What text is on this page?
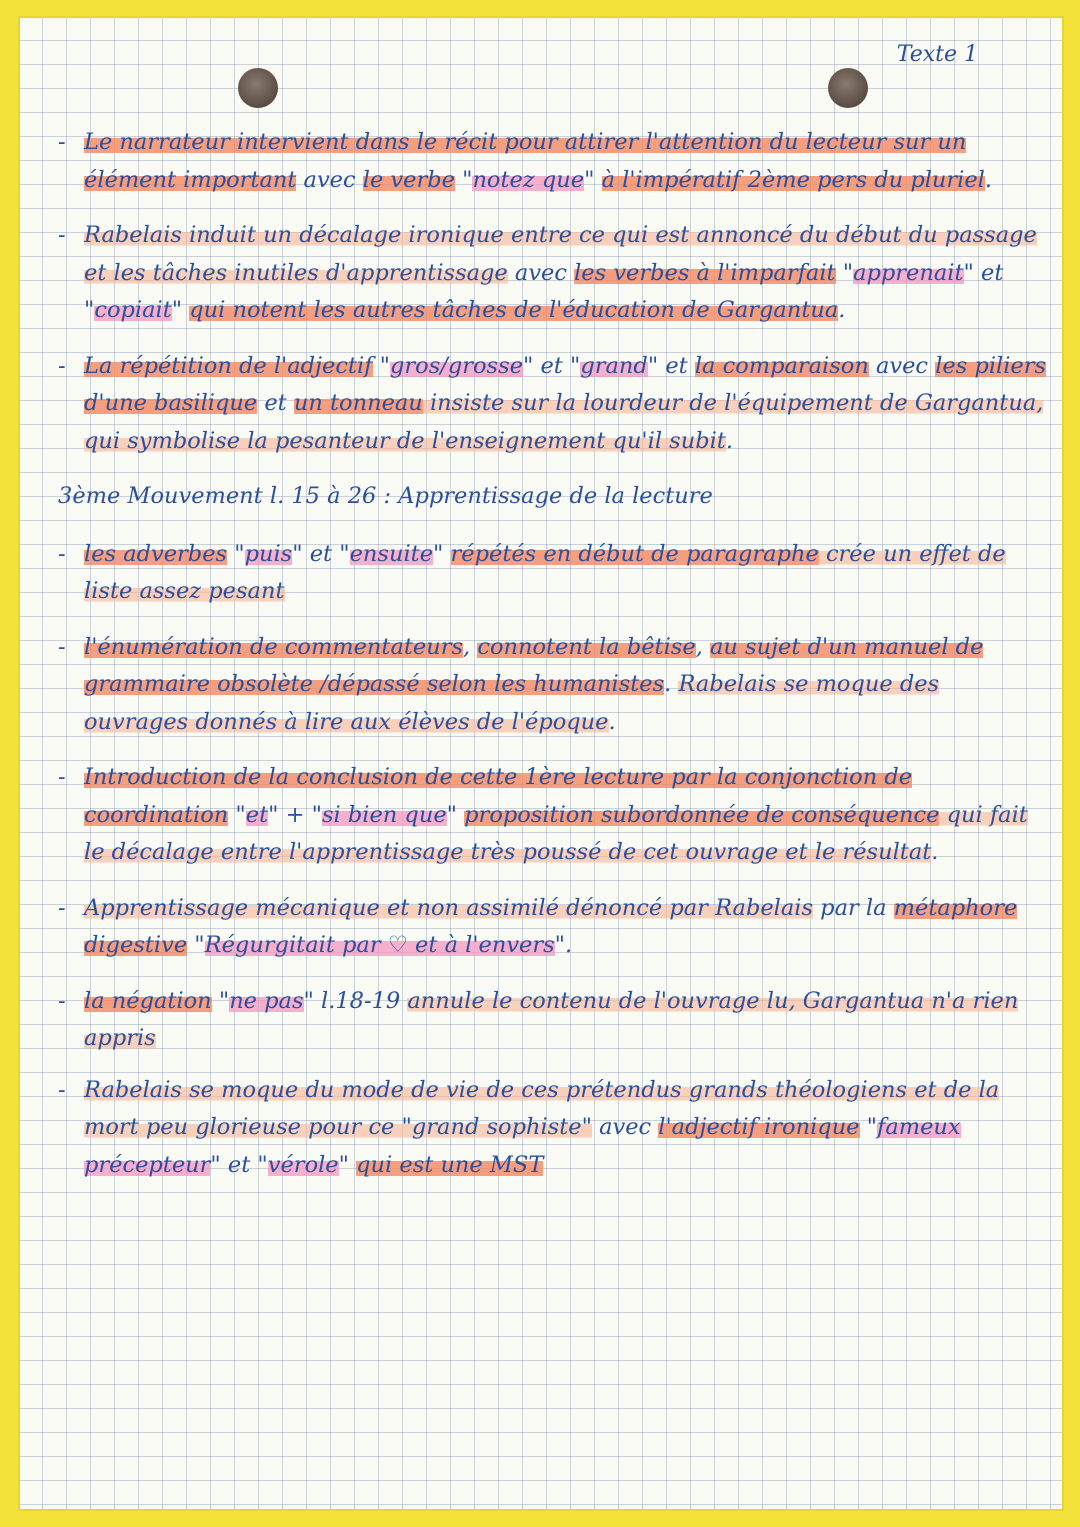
Texte 1
- Le narrateur intervient dans le récit pour attirer l'attention du lecteur sur un élément important avec le verbe "notez que" à l'impératif 2ème pers du pluriel.
- Rabelais induit un décalage ironique entre ce qui est annoncé du début du passage et les tâches inutiles d'apprentissage avec les verbes à l'imparfait "apprenait" et "copiait" qui notent les autres tâches de l'éducation de Gargantua.
- La répétition de l'adjectif "gros/grosse" et "grand" et la comparaison avec les piliers d'une basilique et un tonneau insiste sur la lourdeur de l'équipement de Gargantua, qui symbolise la pesanteur de l'enseignement qu'il subit.
3ème Mouvement l. 15 à 26 : Apprentissage de la lecture
- les adverbes "puis" et "ensuite" répétés en début de paragraphe crée un effet de liste assez pesant
- l'énumération de commentateurs, connotent la bêtise, au sujet d'un manuel de grammaire obsolète /dépassé selon les humanistes. Rabelais se moque des ouvrages donnés à lire aux élèves de l'époque.
- Introduction de la conclusion de cette 1ère lecture par la conjonction de coordination "et" + "si bien que" proposition subordonnée de conséquence qui fait le décalage entre l'apprentissage très poussé de cet ouvrage et le résultat.
- Apprentissage mécanique et non assimilé dénoncé par Rabelais par la métaphore digestive "Régurgitait par ♡ et à l'envers".
- la négation "ne pas" l.18-19 annule le contenu de l'ouvrage lu, Gargantua n'a rien appris
- Rabelais se moque du mode de vie de ces prétendus grands théologiens et de la mort peu glorieuse pour ce "grand sophiste" avec l'adjectif ironique "fameux précepteur" et "vérole" qui est une MST
